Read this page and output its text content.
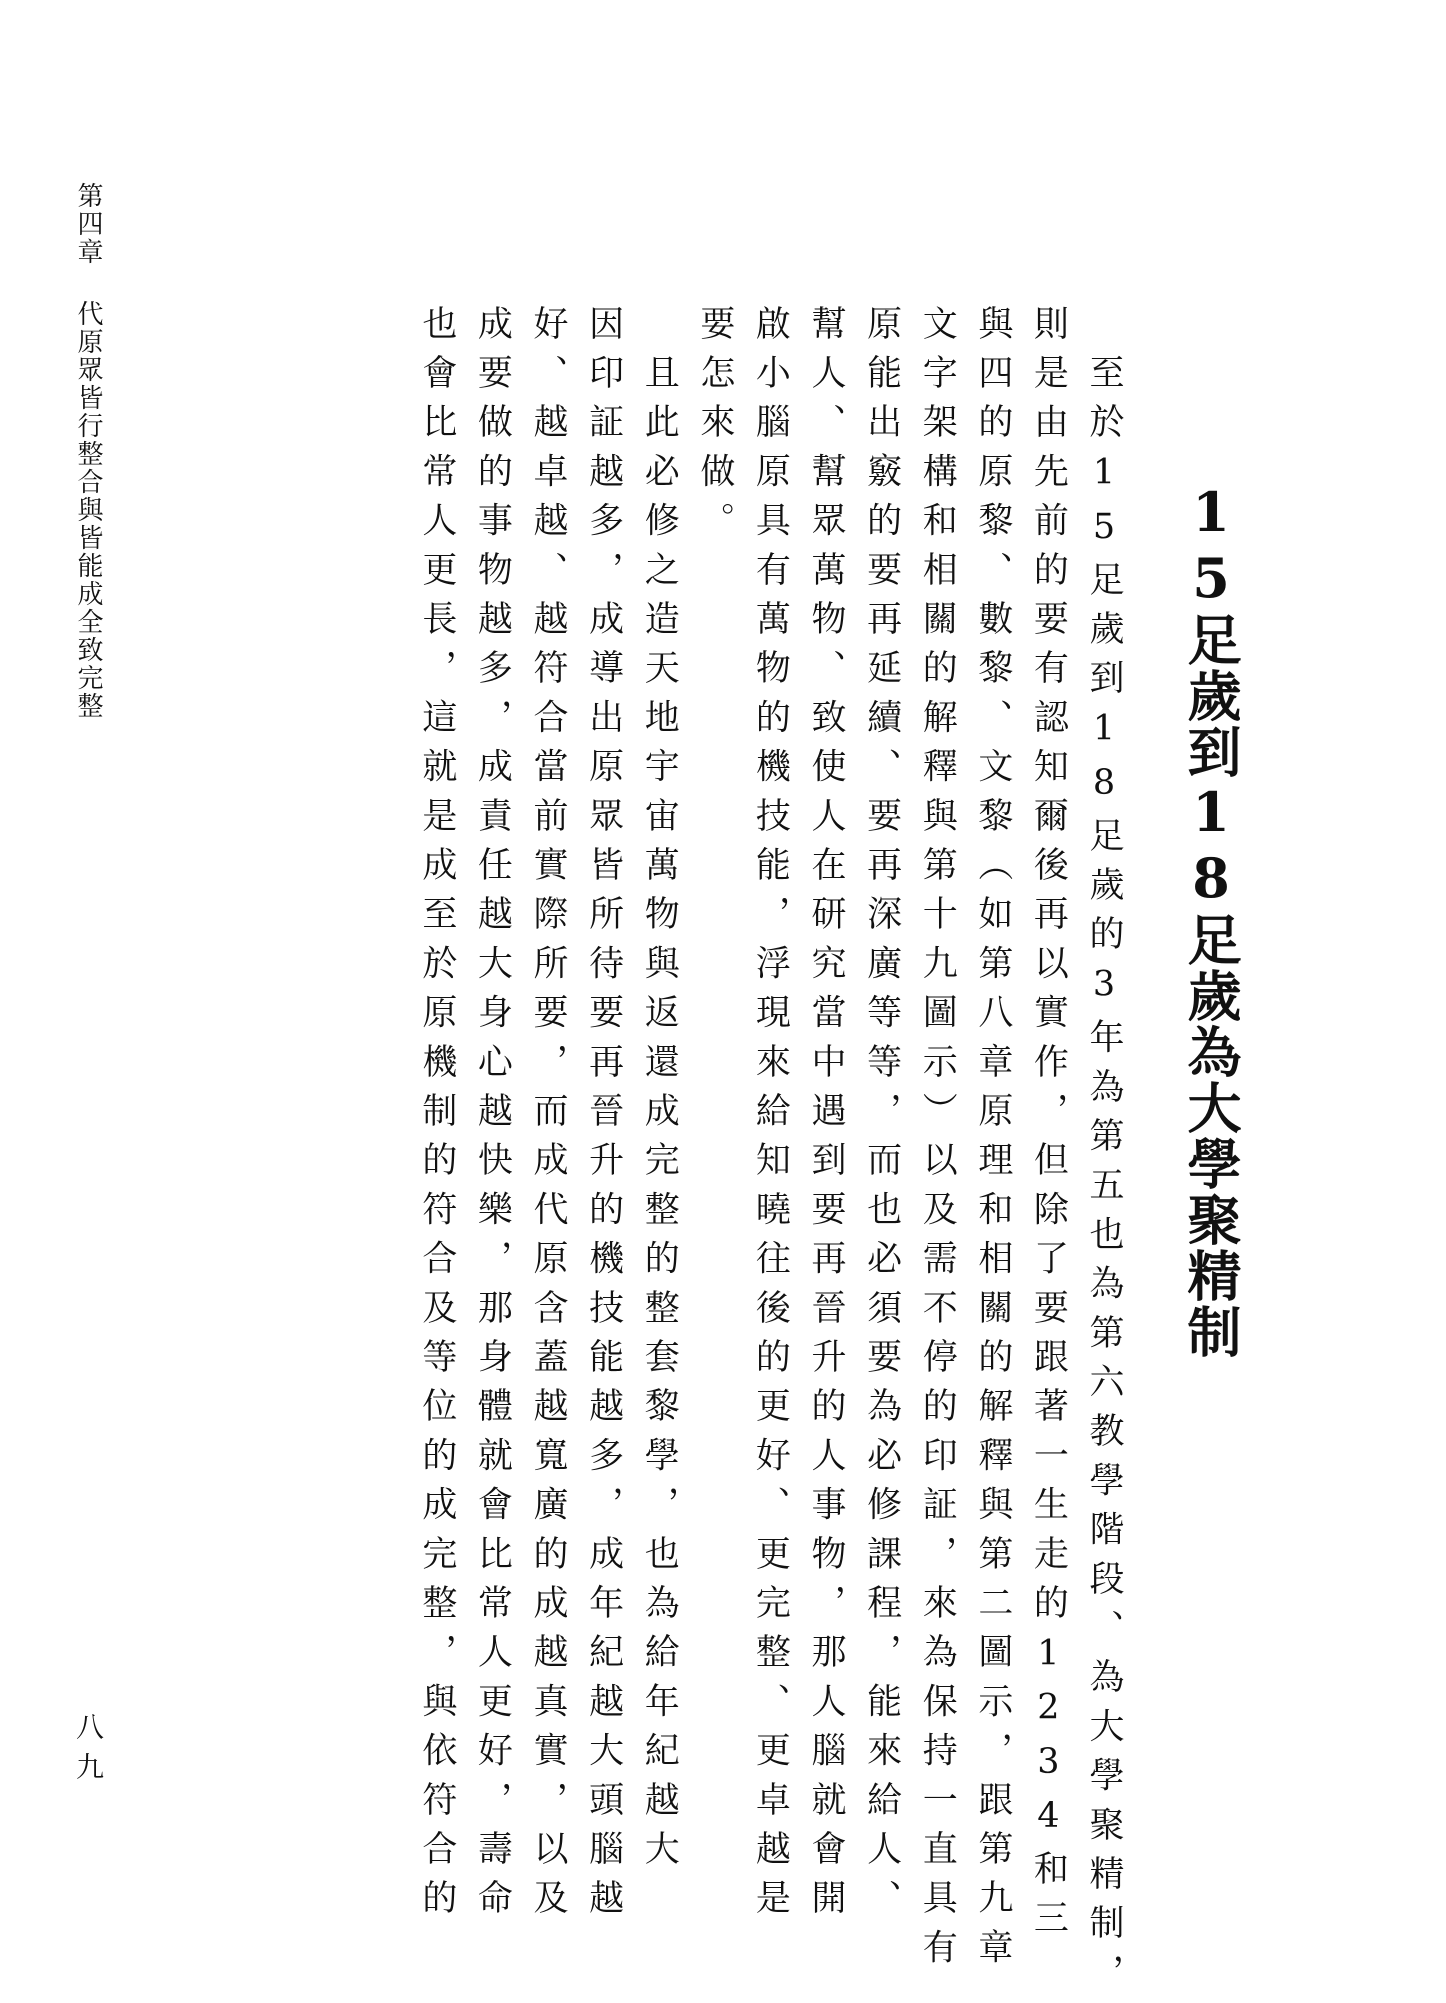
15足歲到18足歲為大學聚精制
　至於15足歲到18足歲的3年為第五也為第六教學階段、為大學聚精制，
則是由先前的要有認知爾後再以實作，但除了要跟著一生走的1234和三
與四的原黎、數黎、文黎（如第八章原理和相關的解釋與第二圖示，跟第九章
文字架構和相關的解釋與第十九圖示）以及需不停的印証，來為保持一直具有
原能出竅的要再延續、要再深廣等等，而也必須要為必修課程，能來給人、
幫人、幫眾萬物、致使人在研究當中遇到要再晉升的人事物，那人腦就會開
啟小腦原具有萬物的機技能，浮現來給知曉往後的更好、更完整、更卓越是
要怎來做。
　且此必修之造天地宇宙萬物與返還成完整的整套黎學，也為給年紀越大
因印証越多，成導出原眾皆所待要再晉升的機技能越多，成年紀越大頭腦越
好、越卓越、越符合當前實際所要，而成代原含蓋越寬廣的成越真實，以及
成要做的事物越多，成責任越大身心越快樂，那身體就會比常人更好，壽命
也會比常人更長，這就是成至於原機制的符合及等位的成完整，與依符合的
第四章代原眾皆行整合與皆能成全致完整
八九
